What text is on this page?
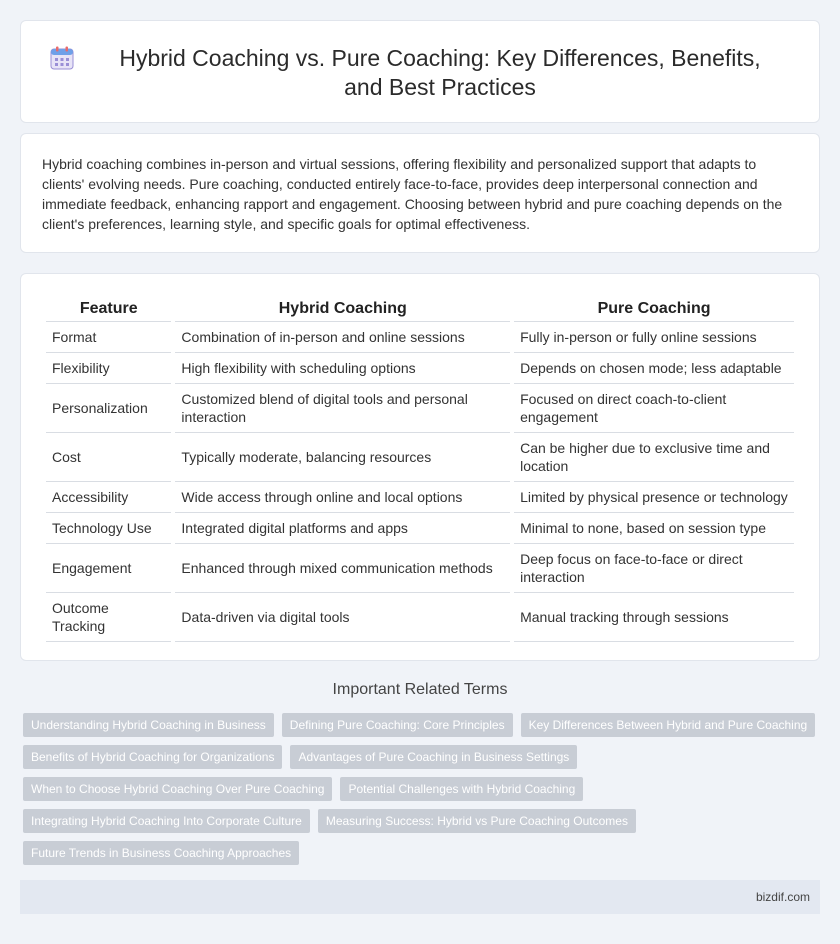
Hybrid Coaching vs. Pure Coaching: Key Differences, Benefits, and Best Practices

Hybrid coaching combines in-person and virtual sessions, offering flexibility and personalized support that adapts to clients' evolving needs. Pure coaching, conducted entirely face-to-face, provides deep interpersonal connection and immediate feedback, enhancing rapport and engagement. Choosing between hybrid and pure coaching depends on the client's preferences, learning style, and specific goals for optimal effectiveness.

Feature	Hybrid Coaching	Pure Coaching
Format	Combination of in-person and online sessions	Fully in-person or fully online sessions
Flexibility	High flexibility with scheduling options	Depends on chosen mode; less adaptable
Personalization	Customized blend of digital tools and personal interaction	Focused on direct coach-to-client engagement
Cost	Typically moderate, balancing resources	Can be higher due to exclusive time and location
Accessibility	Wide access through online and local options	Limited by physical presence or technology
Technology Use	Integrated digital platforms and apps	Minimal to none, based on session type
Engagement	Enhanced through mixed communication methods	Deep focus on face-to-face or direct interaction
Outcome Tracking	Data-driven via digital tools	Manual tracking through sessions
Important Related Terms
Understanding Hybrid Coaching in Business	Defining Pure Coaching: Core Principles	Key Differences Between Hybrid and Pure Coaching
Benefits of Hybrid Coaching for Organizations	Advantages of Pure Coaching in Business Settings
When to Choose Hybrid Coaching Over Pure Coaching	Potential Challenges with Hybrid Coaching
Integrating Hybrid Coaching Into Corporate Culture	Measuring Success: Hybrid vs Pure Coaching Outcomes
Future Trends in Business Coaching Approaches
bizdif.com
